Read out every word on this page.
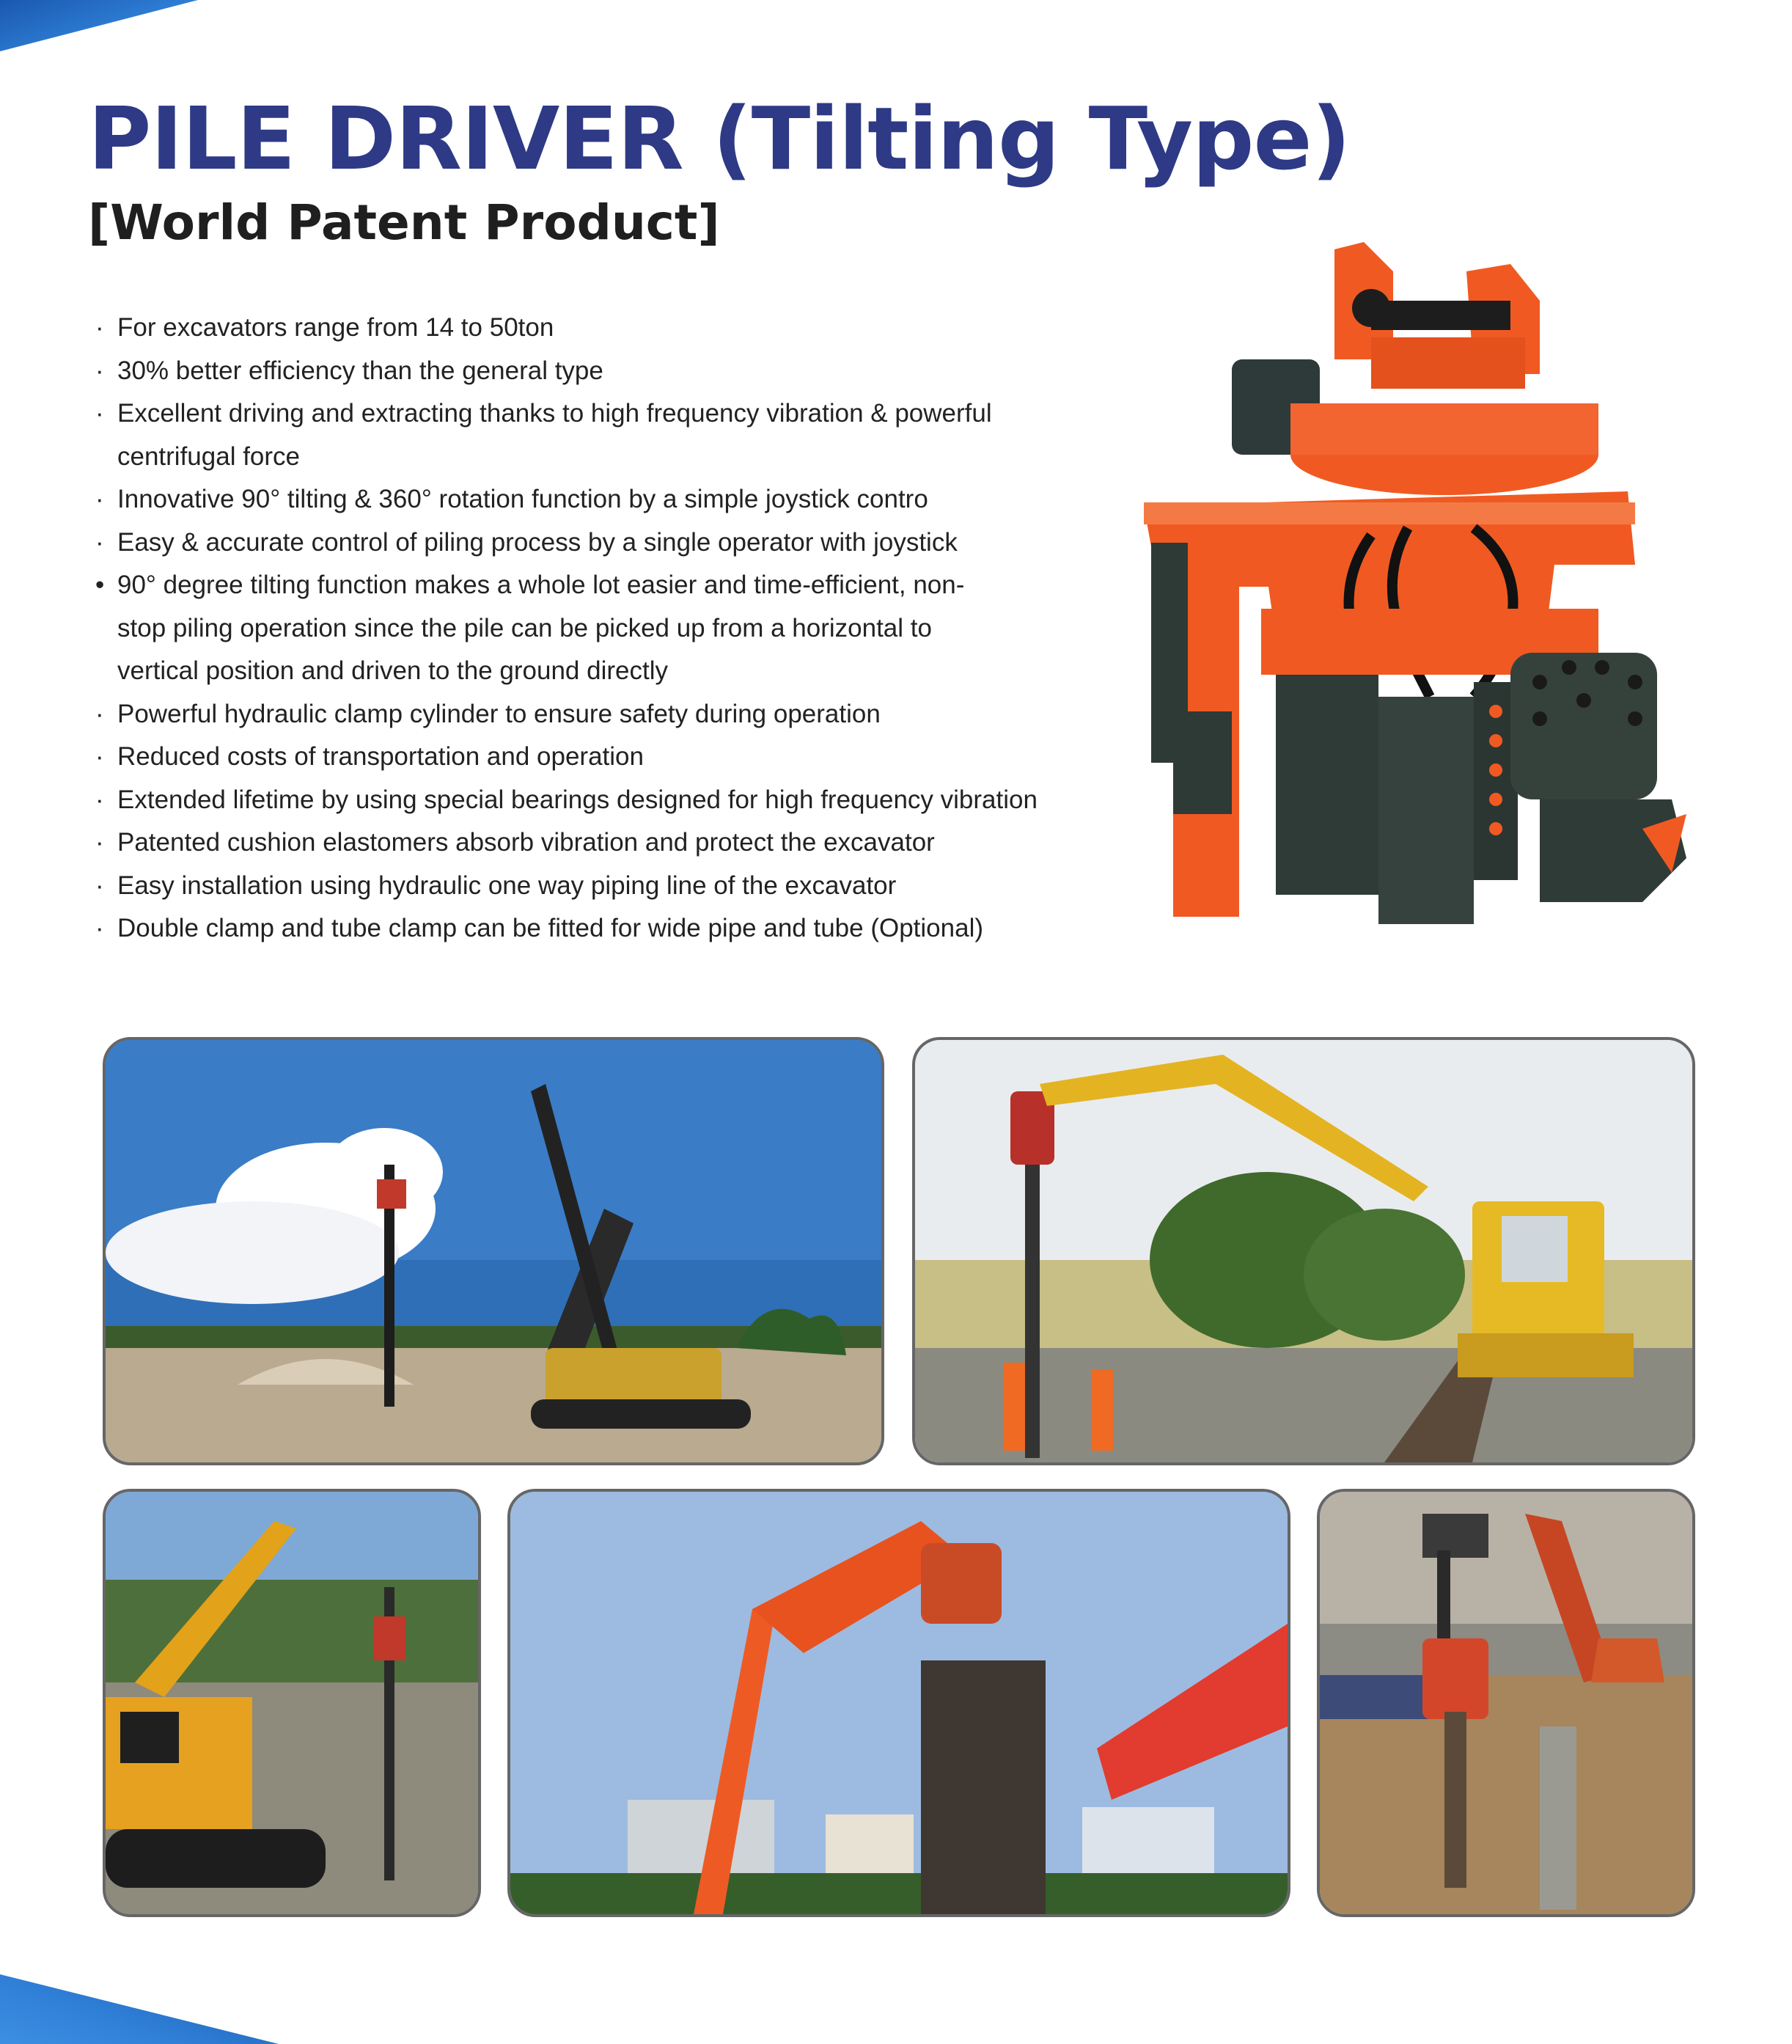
PILE DRIVER (Tilting Type)
[World Patent Product]
· For excavators range from 14 to 50ton
· 30% better efficiency than the general type
· Excellent driving and extracting thanks to high frequency vibration & powerful
centrifugal force
· Innovative 90° tilting & 360° rotation function by a simple joystick contro
· Easy & accurate control of piling process by a single operator with joystick
• 90° degree tilting function makes a whole lot easier and time-efficient, non-
stop piling operation since the pile can be picked up from a horizontal to
vertical position and driven to the ground directly
· Powerful hydraulic clamp cylinder to ensure safety during operation
· Reduced costs of transportation and operation
· Extended lifetime by using special bearings designed for high frequency vibration
· Patented cushion elastomers absorb vibration and protect the excavator
· Easy installation using hydraulic one way piping line of the excavator
· Double clamp and tube clamp can be fitted for wide pipe and tube (Optional)
